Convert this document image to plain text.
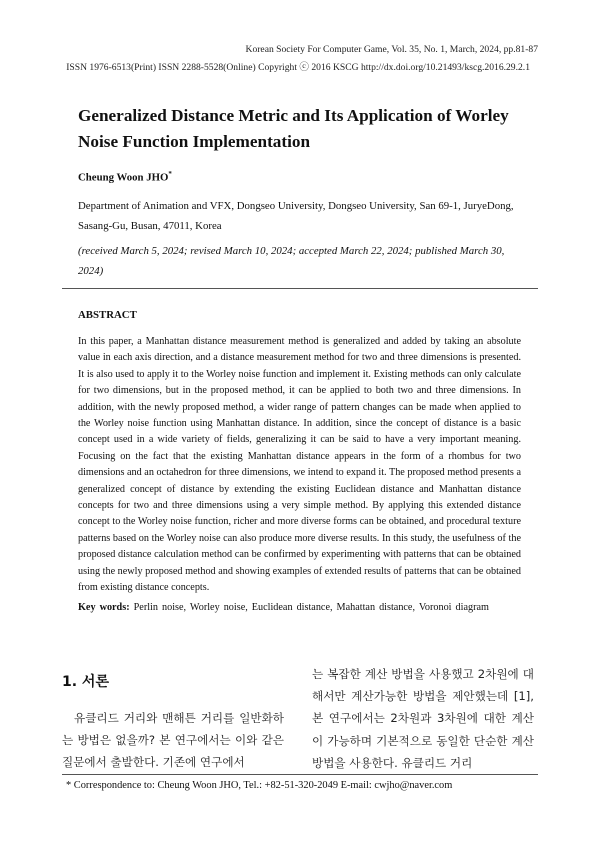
Korean Society For Computer Game, Vol. 35, No. 1, March, 2024, pp.81-87
ISSN 1976-6513(Print) ISSN 2288-5528(Online) Copyright ⓒ 2016 KSCG http://dx.doi.org/10.21493/kscg.2016.29.2.1
Generalized Distance Metric and Its Application of Worley Noise Function Implementation
Cheung Woon JHO*
Department of Animation and VFX, Dongseo University, Dongseo University, San 69-1, JuryeDong, Sasang-Gu, Busan, 47011, Korea
(received March 5, 2024; revised March 10, 2024; accepted March 22, 2024; published March 30, 2024)
ABSTRACT
In this paper, a Manhattan distance measurement method is generalized and added by taking an absolute value in each axis direction, and a distance measurement method for two and three dimensions is presented. It is also used to apply it to the Worley noise function and implement it. Existing methods can only calculate for two dimensions, but in the proposed method, it can be applied to both two and three dimensions. In addition, with the newly proposed method, a wider range of pattern changes can be made when applied to the Worley noise function using Manhattan distance. In addition, since the concept of distance is a basic concept used in a wide variety of fields, generalizing it can be said to have a very important meaning. Focusing on the fact that the existing Manhattan distance appears in the form of a rhombus for two dimensions and an octahedron for three dimensions, we intend to expand it. The proposed method presents a generalized concept of distance by extending the existing Euclidean distance and Manhattan distance concepts for two and three dimensions using a very simple method. By applying this extended distance concept to the Worley noise function, richer and more diverse forms can be obtained, and procedural texture patterns based on the Worley noise can also produce more diverse results. In this study, the usefulness of the proposed distance calculation method can be confirmed by experimenting with patterns that can be obtained using the newly proposed method and showing examples of extended results of patterns that can be obtained from existing distance concepts.
Key words: Perlin noise, Worley noise, Euclidean distance, Mahattan distance, Voronoi diagram
1. 서론
유클리드 거리와 맨해튼 거리를 일반화하는 방법은 없을까? 본 연구에서는 이와 같은 질문에서 출발한다. 기존에 연구에서
는 복잡한 계산 방법을 사용했고 2차원에 대해서만 계산가능한 방법을 제안했는데 [1], 본 연구에서는 2차원과 3차원에 대한 계산이 가능하며 기본적으로 동일한 단순한 계산 방법을 사용한다. 유클리드 거리
* Correspondence to: Cheung Woon JHO, Tel.: +82-51-320-2049 E-mail: cwjho@naver.com
